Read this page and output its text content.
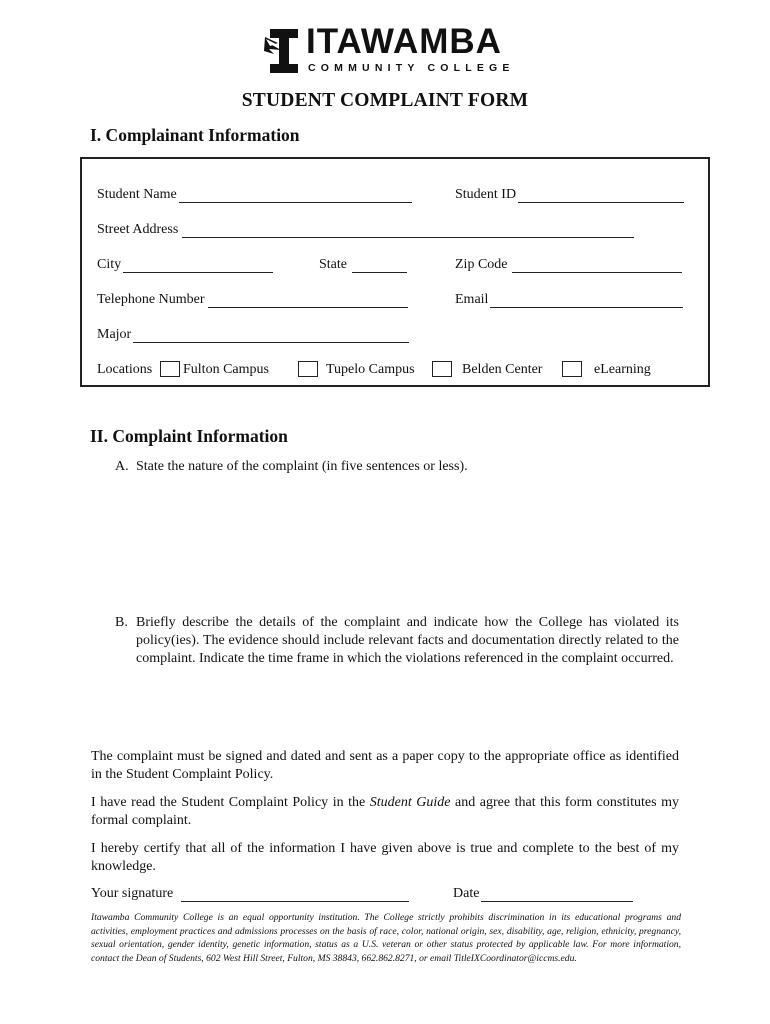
ITAWAMBA
COMMUNITY COLLEGE
STUDENT COMPLAINT FORM
I. Complainant Information
Student Name	Student ID
Street Address
City	State	Zip Code
Telephone Number	Email
Major
Locations Fulton Campus	Tupelo Campus	Belden Center	eLearning
II. Complaint Information
A. State the nature of the complaint (in five sentences or less).
B. Briefly describe the details of the complaint and indicate how the College has violated its policy(ies). The evidence should include relevant facts and documentation directly related to the complaint. Indicate the time frame in which the violations referenced in the complaint occurred.
The complaint must be signed and dated and sent as a paper copy to the appropriate office as identified in the Student Complaint Policy.
I have read the Student Complaint Policy in the Student Guide and agree that this form constitutes my formal complaint.
I hereby certify that all of the information I have given above is true and complete to the best of my knowledge.
Your signature	Date
Itawamba Community College is an equal opportunity institution. The College strictly prohibits discrimination in its educational programs and activities, employment practices and admissions processes on the basis of race, color, national origin, sex, disability, age, religion, ethnicity, pregnancy, sexual orientation, gender identity, genetic information, status as a U.S. veteran or other status protected by applicable law. For more information, contact the Dean of Students, 602 West Hill Street, Fulton, MS 38843, 662.862.8271, or email TitleIXCoordinator@iccms.edu.
